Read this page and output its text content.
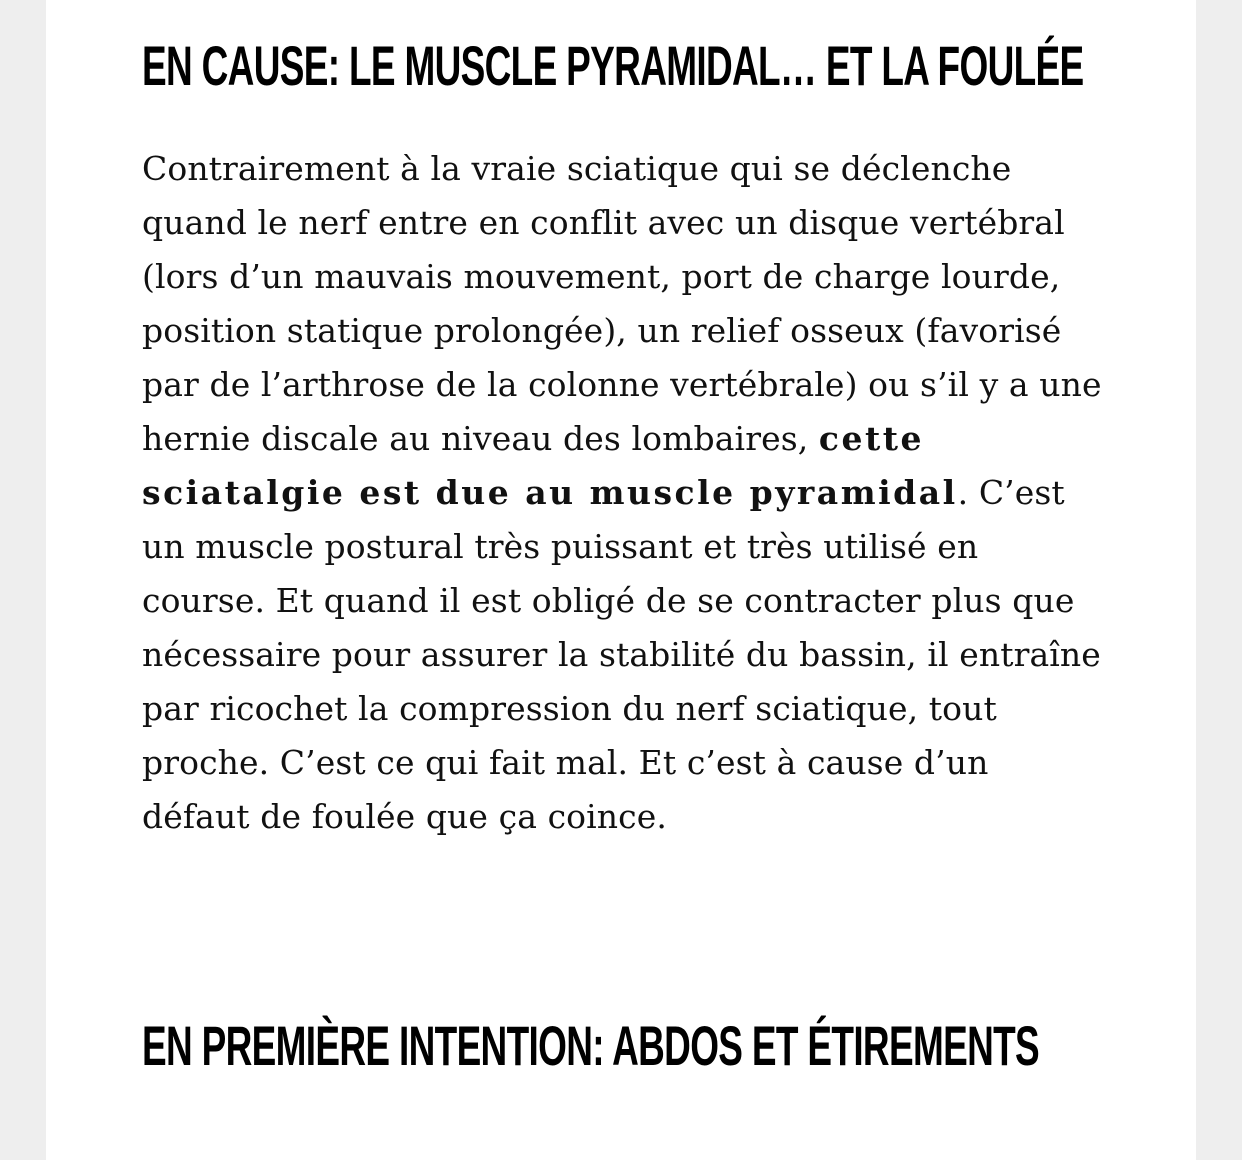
EN CAUSE: LE MUSCLE PYRAMIDAL… ET LA FOULÉE

Contrairement à la vraie sciatique qui se déclenche quand le nerf entre en conflit avec un disque vertébral (lors d’un mauvais mouvement, port de charge lourde, position statique prolongée), un relief osseux (favorisé par de l’arthrose de la colonne vertébrale) ou s’il y a une hernie discale au niveau des lombaires, cette sciatalgie est due au muscle pyramidal. C’est un muscle postural très puissant et très utilisé en course. Et quand il est obligé de se contracter plus que nécessaire pour assurer la stabilité du bassin, il entraîne par ricochet la compression du nerf sciatique, tout proche. C’est ce qui fait mal. Et c’est à cause d’un défaut de foulée que ça coince.

EN PREMIÈRE INTENTION: ABDOS ET ÉTIREMENTS
